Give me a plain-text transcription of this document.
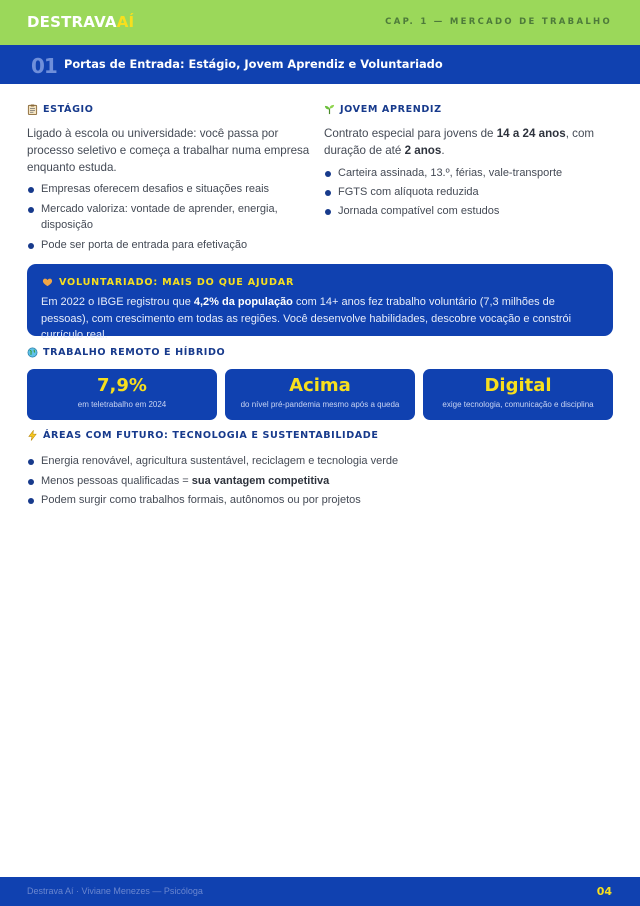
DESTRAVAAÍ	CAP. 1 — MERCADO DE TRABALHO
01 Portas de Entrada: Estágio, Jovem Aprendiz e Voluntariado
ESTÁGIO

Ligado à escola ou universidade: você passa por processo seletivo e começa a trabalhar numa empresa enquanto estuda.

Empresas oferecem desafios e situações reais
Mercado valoriza: vontade de aprender, energia, disposição
Pode ser porta de entrada para efetivação
JOVEM APRENDIZ

Contrato especial para jovens de 14 a 24 anos, com duração de até 2 anos.

Carteira assinada, 13.º, férias, vale-transporte
FGTS com alíquota reduzida
Jornada compatível com estudos
VOLUNTARIADO: MAIS DO QUE AJUDAR

Em 2022 o IBGE registrou que 4,2% da população com 14+ anos fez trabalho voluntário (7,3 milhões de pessoas), com crescimento em todas as regiões. Você desenvolve habilidades, descobre vocação e constrói currículo real.

TRABALHO REMOTO E HÍBRIDO
7,9%
em teletrabalho em 2024
Acima
do nível pré-pandemia mesmo após a queda
Digital
exige tecnologia, comunicação e disciplina
ÁREAS COM FUTURO: TECNOLOGIA E SUSTENTABILIDADE
Energia renovável, agricultura sustentável, reciclagem e tecnologia verde
Menos pessoas qualificadas = sua vantagem competitiva
Podem surgir como trabalhos formais, autônomos ou por projetos
Destrava Aí · Viviane Menezes — Psicóloga	04
